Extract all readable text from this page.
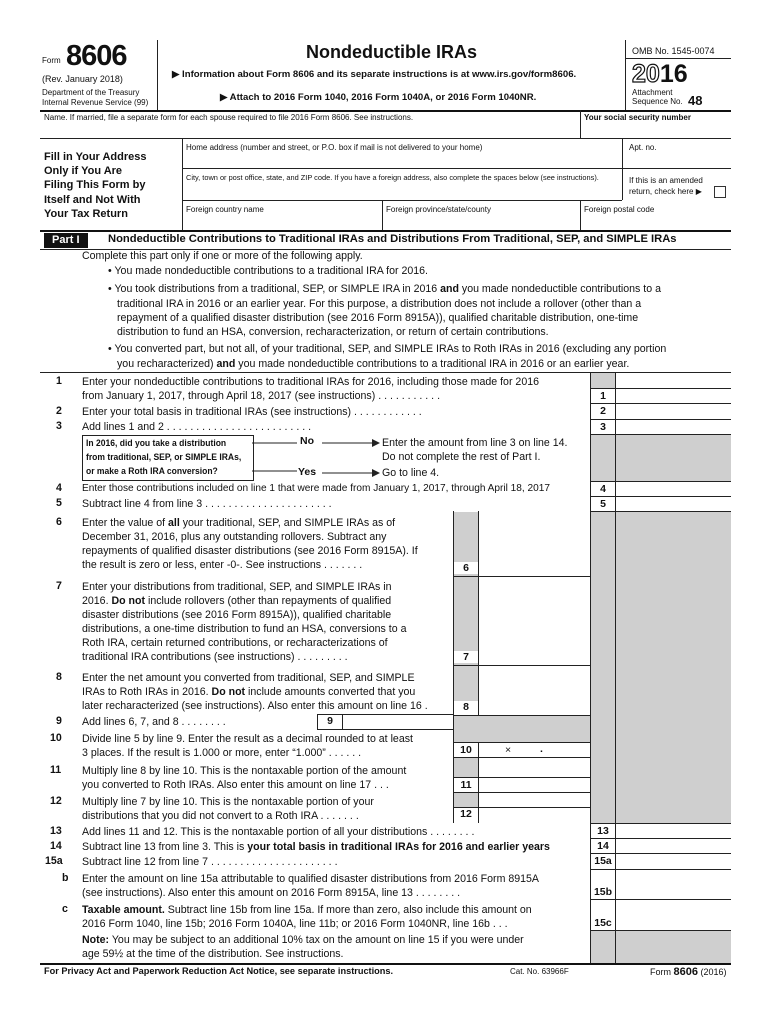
Form 8606
(Rev. January 2018)
Department of the Treasury
Internal Revenue Service (99)
Nondeductible IRAs
▶ Information about Form 8606 and its separate instructions is at www.irs.gov/form8606.
▶ Attach to 2016 Form 1040, 2016 Form 1040A, or 2016 Form 1040NR.
OMB No. 1545-0074
2016
Attachment
Sequence No. 48
Name. If married, file a separate form for each spouse required to file 2016 Form 8606. See instructions.	Your social security number
Fill in Your Address
Only if You Are
Filing This Form by
Itself and Not With
Your Tax Return
Home address (number and street, or P.O. box if mail is not delivered to your home)	Apt. no.
City, town or post office, state, and ZIP code. If you have a foreign address, also complete the spaces below (see instructions).	If this is an amended
return, check here ▶
Foreign country name	Foreign province/state/county	Foreign postal code
Part I	Nondeductible Contributions to Traditional IRAs and Distributions From Traditional, SEP, and SIMPLE IRAs
Complete this part only if one or more of the following apply.
• You made nondeductible contributions to a traditional IRA for 2016.
• You took distributions from a traditional, SEP, or SIMPLE IRA in 2016 and you made nondeductible contributions to a
traditional IRA in 2016 or an earlier year. For this purpose, a distribution does not include a rollover (other than a
repayment of a qualified disaster distribution (see 2016 Form 8915A)), qualified charitable distribution, one-time
distribution to fund an HSA, conversion, recharacterization, or return of certain contributions.
• You converted part, but not all, of your traditional, SEP, and SIMPLE IRAs to Roth IRAs in 2016 (excluding any portion
you recharacterized) and you made nondeductible contributions to a traditional IRA in 2016 or an earlier year.
1
2
3
4
5
13
14
15a
15b
15c
6
7
8
10
11
12
×	.
9
1 Enter your nondeductible contributions to traditional IRAs for 2016, including those made for 2016
from January 1, 2017, through April 18, 2017 (see instructions) . . . . . . . . . . .
2 Enter your total basis in traditional IRAs (see instructions) . . . . . . . . . . . .
3 Add lines 1 and 2 . . . . . . . . . . . . . . . . . . . . . . . . .
In 2016, did you take a distribution
from traditional, SEP, or SIMPLE IRAs,
or make a Roth IRA conversion?
No
Yes
Enter the amount from line 3 on line 14.
Do not complete the rest of Part I.
Go to line 4.
4 Enter those contributions included on line 1 that were made from January 1, 2017, through April 18, 2017
5 Subtract line 4 from line 3 . . . . . . . . . . . . . . . . . . . . . .
6 Enter the value of all your traditional, SEP, and SIMPLE IRAs as of
December 31, 2016, plus any outstanding rollovers. Subtract any
repayments of qualified disaster distributions (see 2016 Form 8915A). If
the result is zero or less, enter -0-. See instructions . . . . . . .
7 Enter your distributions from traditional, SEP, and SIMPLE IRAs in
2016. Do not include rollovers (other than repayments of qualified
disaster distributions (see 2016 Form 8915A)), qualified charitable
distributions, a one-time distribution to fund an HSA, conversions to a
Roth IRA, certain returned contributions, or recharacterizations of
traditional IRA contributions (see instructions) . . . . . . . . .
8 Enter the net amount you converted from traditional, SEP, and SIMPLE
IRAs to Roth IRAs in 2016. Do not include amounts converted that you
later recharacterized (see instructions). Also enter this amount on line 16 .
9 Add lines 6, 7, and 8 . . . . . . . .
10 Divide line 5 by line 9. Enter the result as a decimal rounded to at least
3 places. If the result is 1.000 or more, enter “1.000” . . . . . .
11 Multiply line 8 by line 10. This is the nontaxable portion of the amount
you converted to Roth IRAs. Also enter this amount on line 17 . . .
12 Multiply line 7 by line 10. This is the nontaxable portion of your
distributions that you did not convert to a Roth IRA . . . . . . .
13 Add lines 11 and 12. This is the nontaxable portion of all your distributions . . . . . . . .
14 Subtract line 13 from line 3. This is your total basis in traditional IRAs for 2016 and earlier years
15a Subtract line 12 from line 7 . . . . . . . . . . . . . . . . . . . . . .
b Enter the amount on line 15a attributable to qualified disaster distributions from 2016 Form 8915A
(see instructions). Also enter this amount on 2016 Form 8915A, line 13 . . . . . . . .
c Taxable amount. Subtract line 15b from line 15a. If more than zero, also include this amount on
2016 Form 1040, line 15b; 2016 Form 1040A, line 11b; or 2016 Form 1040NR, line 16b . . .
Note: You may be subject to an additional 10% tax on the amount on line 15 if you were under
age 59½ at the time of the distribution. See instructions.
For Privacy Act and Paperwork Reduction Act Notice, see separate instructions.	Cat. No. 63966F	Form 8606 (2016)
